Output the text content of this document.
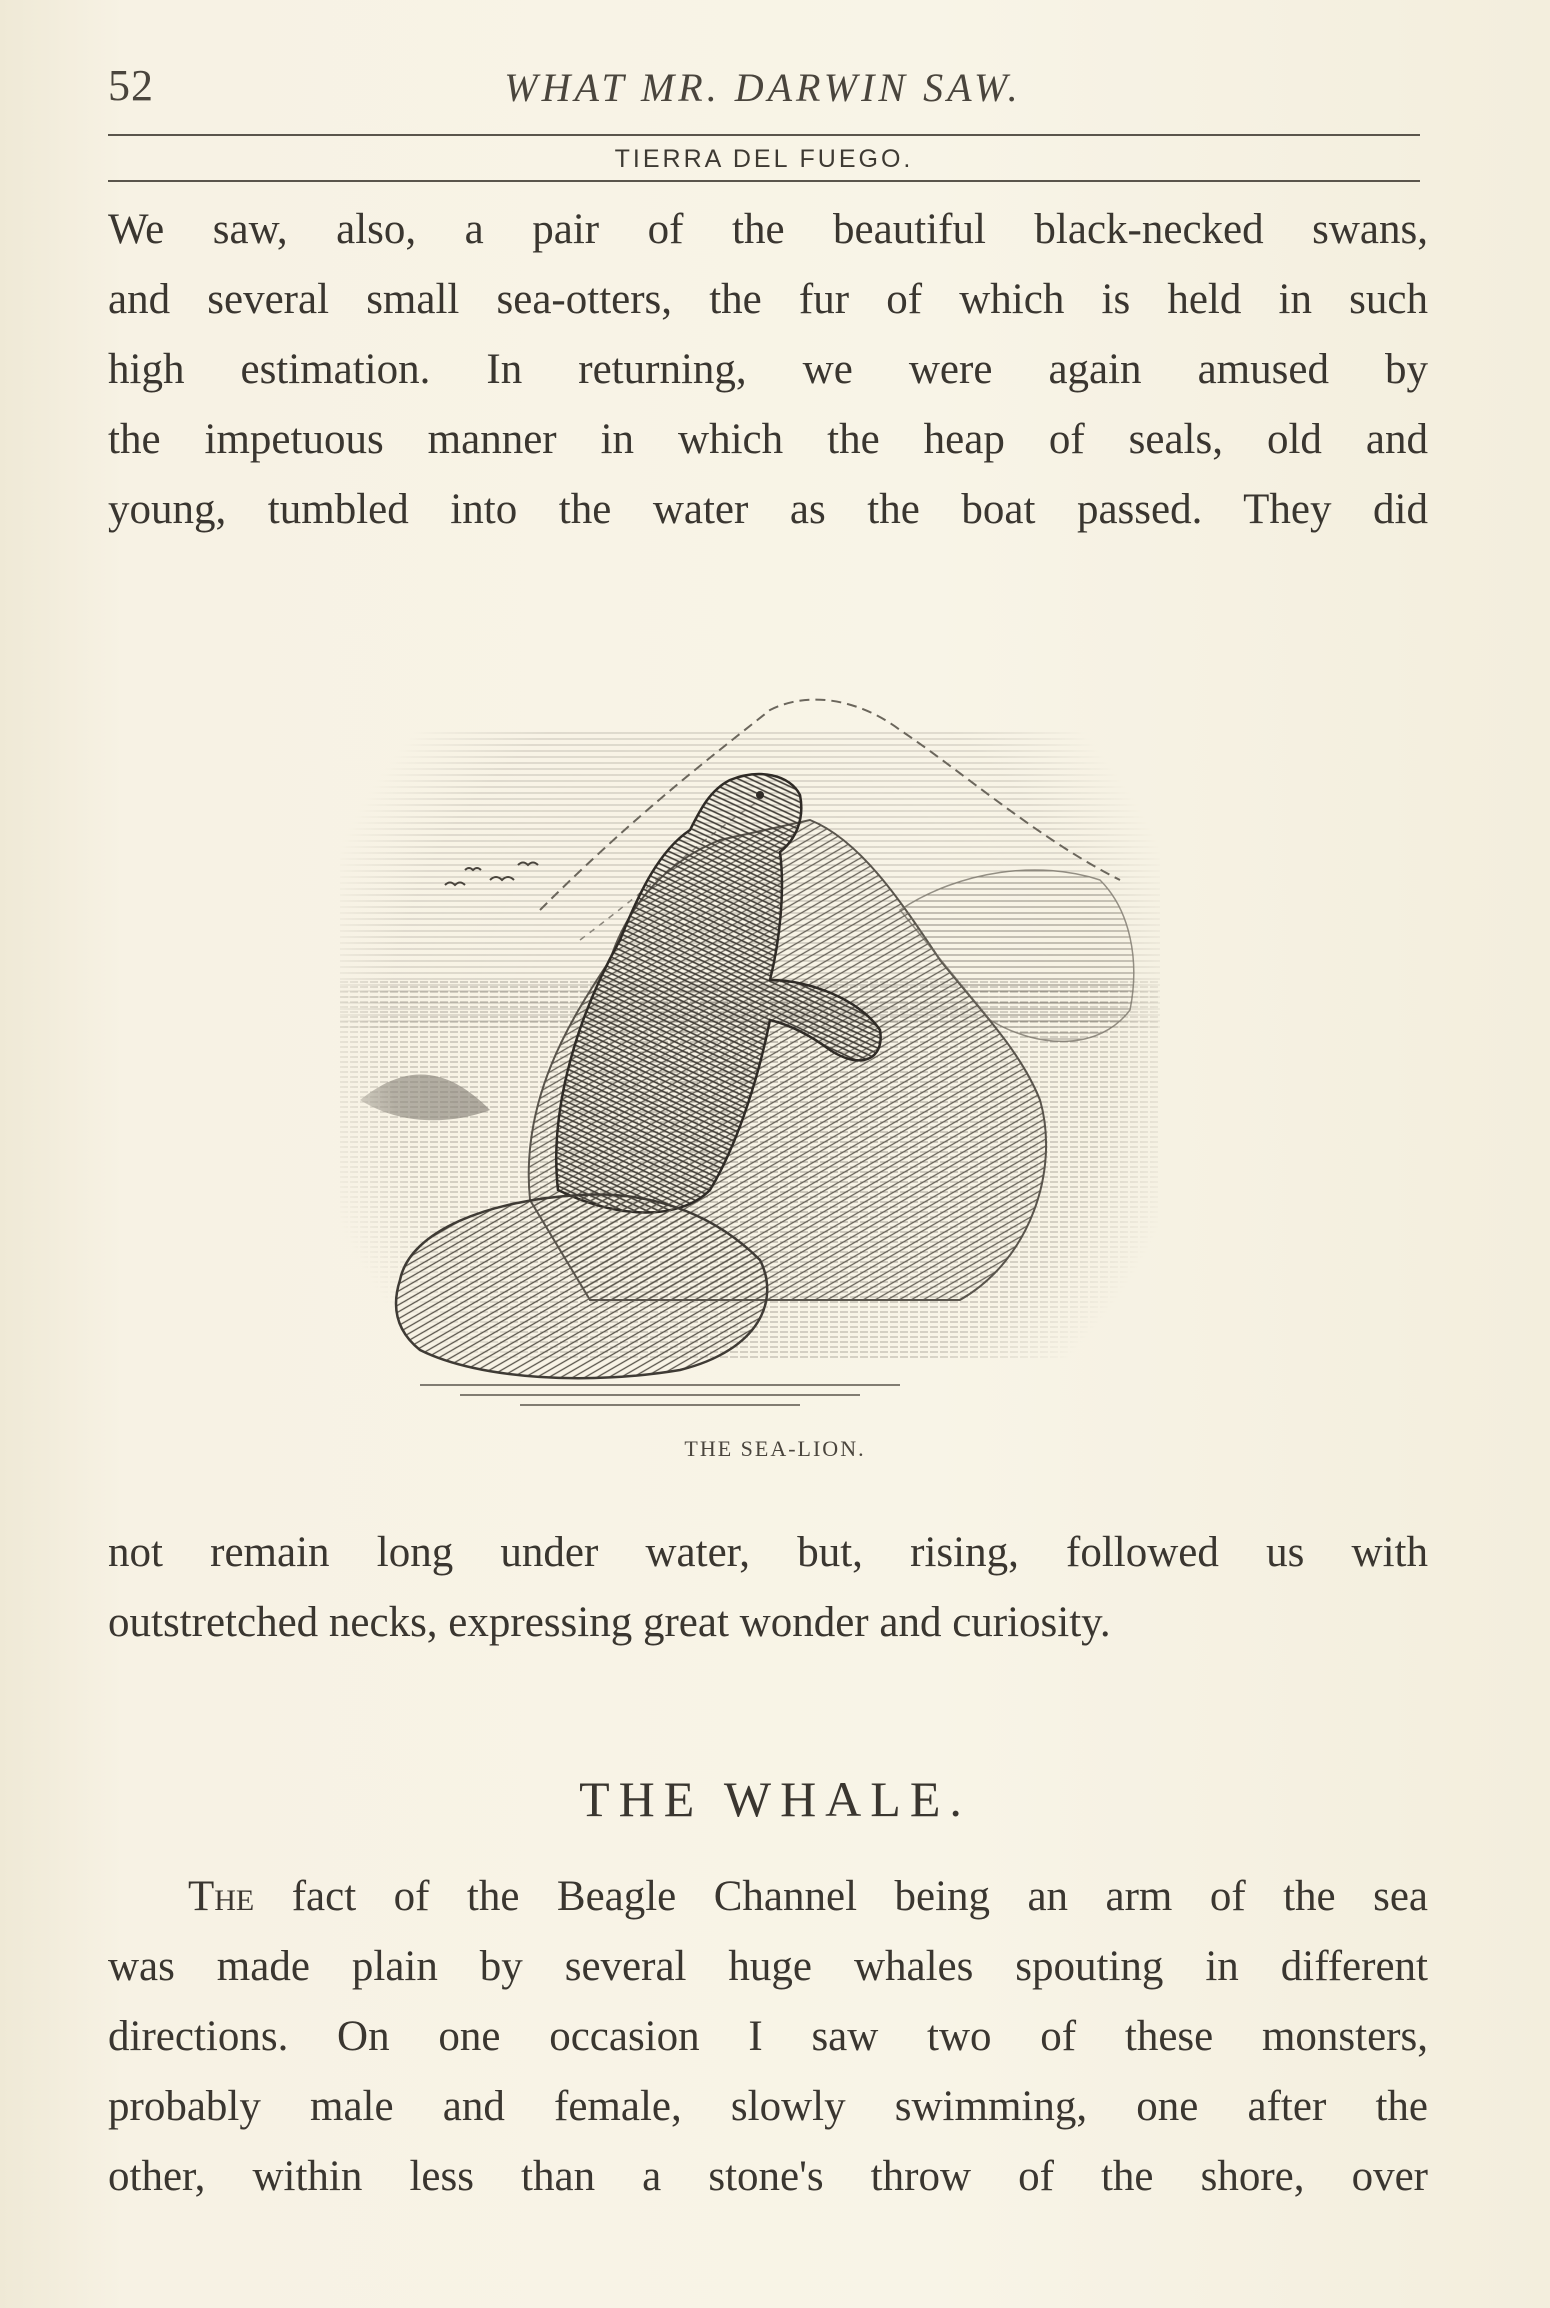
52	WHAT MR. DARWIN SAW.
TIERRA DEL FUEGO.

We saw, also, a pair of the beautiful black-necked swans,
and several small sea-otters, the fur of which is held in such
high estimation. In returning, we were again amused by
the impetuous manner in which the heap of seals, old and
young, tumbled into the water as the boat passed. They did

THE SEA-LION.

not remain long under water, but, rising, followed us with
outstretched necks, expressing great wonder and curiosity.

THE WHALE.

The fact of the Beagle Channel being an arm of the sea
was made plain by several huge whales spouting in different
directions. On one occasion I saw two of these monsters,
probably male and female, slowly swimming, one after the
other, within less than a stone's throw of the shore, over
